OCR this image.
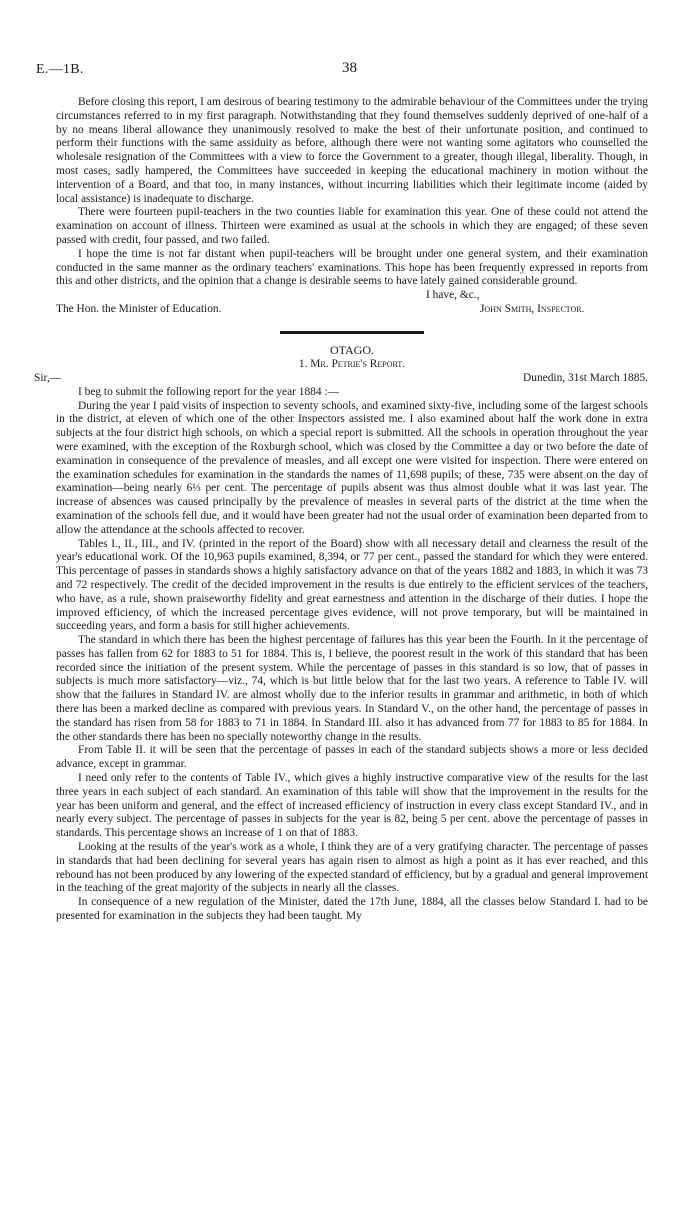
E.—1B.	38

Before closing this report, I am desirous of bearing testimony to the admirable behaviour of the Committees under the trying circumstances referred to in my first paragraph. Notwithstanding that they found themselves suddenly deprived of one-half of a by no means liberal allowance they unanimously resolved to make the best of their unfortunate position, and continued to perform their functions with the same assiduity as before, although there were not wanting some agitators who counselled the wholesale resignation of the Committees with a view to force the Government to a greater, though illegal, liberality. Though, in most cases, sadly hampered, the Committees have succeeded in keeping the educational machinery in motion without the intervention of a Board, and that too, in many instances, without incurring liabilities which their legitimate income (aided by local assistance) is inadequate to discharge.

There were fourteen pupil-teachers in the two counties liable for examination this year. One of these could not attend the examination on account of illness. Thirteen were examined as usual at the schools in which they are engaged; of these seven passed with credit, four passed, and two failed.

I hope the time is not far distant when pupil-teachers will be brought under one general system, and their examination conducted in the same manner as the ordinary teachers' examinations. This hope has been frequently expressed in reports from this and other districts, and the opinion that a change is desirable seems to have lately gained considerable ground.

I have, &c.,
The Hon. the Minister of Education.	John Smith, Inspector.

OTAGO.

1. Mr. Petrie's Report.

Sir,—	Dunedin, 31st March 1885.

I beg to submit the following report for the year 1884 :—

During the year I paid visits of inspection to seventy schools, and examined sixty-five, including some of the largest schools in the district, at eleven of which one of the other Inspectors assisted me. I also examined about half the work done in extra subjects at the four district high schools, on which a special report is submitted. All the schools in operation throughout the year were examined, with the exception of the Roxburgh school, which was closed by the Committee a day or two before the date of examination in consequence of the prevalence of measles, and all except one were visited for inspection. There were entered on the examination schedules for examination in the standards the names of 11,698 pupils; of these, 735 were absent on the day of examination—being nearly 6⅓ per cent. The percentage of pupils absent was thus almost double what it was last year. The increase of absences was caused principally by the prevalence of measles in several parts of the district at the time when the examination of the schools fell due, and it would have been greater had not the usual order of examination been departed from to allow the attendance at the schools affected to recover.

Tables I., II., III., and IV. (printed in the report of the Board) show with all necessary detail and clearness the result of the year's educational work. Of the 10,963 pupils examined, 8,394, or 77 per cent., passed the standard for which they were entered. This percentage of passes in standards shows a highly satisfactory advance on that of the years 1882 and 1883, in which it was 73 and 72 respectively. The credit of the decided improvement in the results is due entirely to the efficient services of the teachers, who have, as a rule, shown praiseworthy fidelity and great earnestness and attention in the discharge of their duties. I hope the improved efficiency, of which the increased percentage gives evidence, will not prove temporary, but will be maintained in succeeding years, and form a basis for still higher achievements.

The standard in which there has been the highest percentage of failures has this year been the Fourth. In it the percentage of passes has fallen from 62 for 1883 to 51 for 1884. This is, I believe, the poorest result in the work of this standard that has been recorded since the initiation of the present system. While the percentage of passes in this standard is so low, that of passes in subjects is much more satisfactory—viz., 74, which is but little below that for the last two years. A reference to Table IV. will show that the failures in Standard IV. are almost wholly due to the inferior results in grammar and arithmetic, in both of which there has been a marked decline as compared with previous years. In Standard V., on the other hand, the percentage of passes in the standard has risen from 58 for 1883 to 71 in 1884. In Standard III. also it has advanced from 77 for 1883 to 85 for 1884. In the other standards there has been no specially noteworthy change in the results.

From Table II. it will be seen that the percentage of passes in each of the standard subjects shows a more or less decided advance, except in grammar.

I need only refer to the contents of Table IV., which gives a highly instructive comparative view of the results for the last three years in each subject of each standard. An examination of this table will show that the improvement in the results for the year has been uniform and general, and the effect of increased efficiency of instruction in every class except Standard IV., and in nearly every subject. The percentage of passes in subjects for the year is 82, being 5 per cent. above the percentage of passes in standards. This percentage shows an increase of 1 on that of 1883.

Looking at the results of the year's work as a whole, I think they are of a very gratifying character. The percentage of passes in standards that had been declining for several years has again risen to almost as high a point as it has ever reached, and this rebound has not been produced by any lowering of the expected standard of efficiency, but by a gradual and general improvement in the teaching of the great majority of the subjects in nearly all the classes.

In consequence of a new regulation of the Minister, dated the 17th June, 1884, all the classes below Standard I. had to be presented for examination in the subjects they had been taught. My
